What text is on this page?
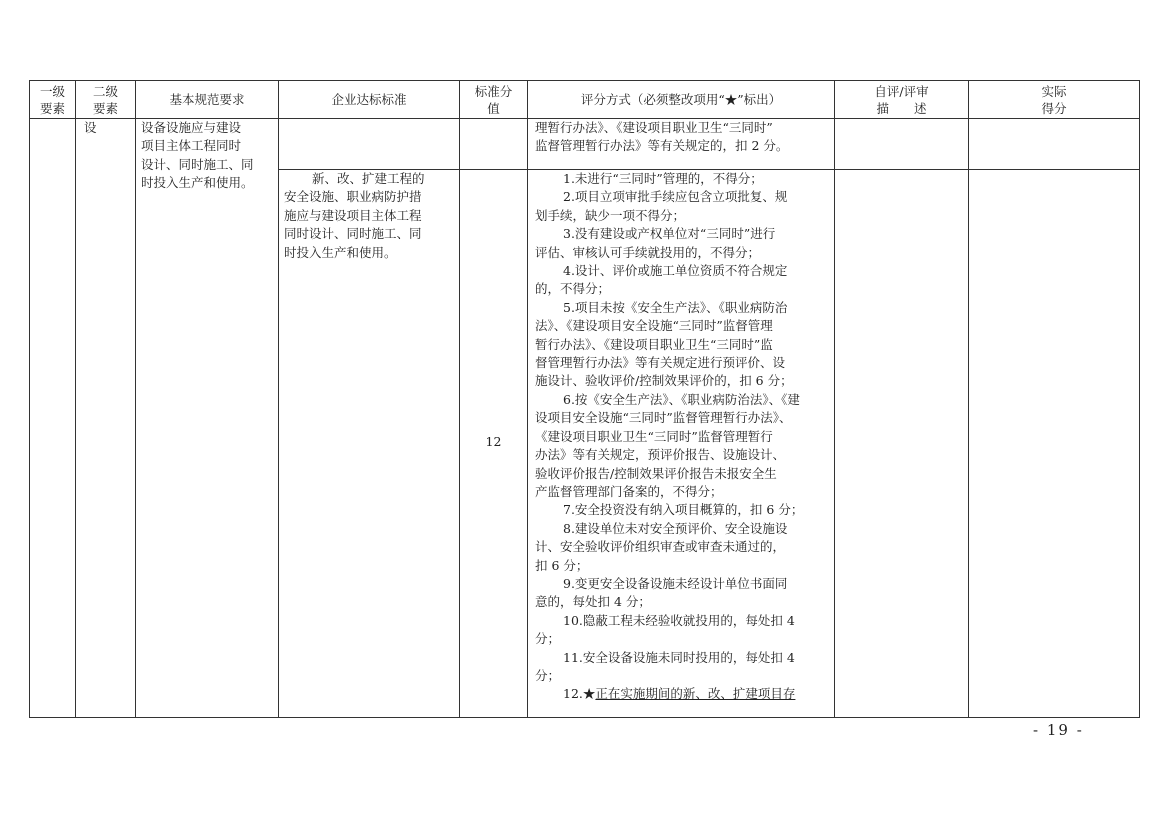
一级
要素
二级
要素
基本规范要求	企业达标标准
标准分
值
评分方式（必须整改项用“★”标出）
自评/评审
描　　述
实际
得分
设	设备设施应与建设
项目主体工程同时
设计、同时施工、同
时投入生产和使用。
理暂行办法》、《建设项目职业卫生“三同时”
监督管理暂行办法》等有关规定的，扣 2 分。
新、改、扩建工程的
安全设施、职业病防护措
施应与建设项目主体工程
同时设计、同时施工、同
时投入生产和使用。
12
1.未进行“三同时”管理的，不得分；
2.项目立项审批手续应包含立项批复、规
划手续，缺少一项不得分；
3.没有建设或产权单位对“三同时”进行
评估、审核认可手续就投用的，不得分；
4.设计、评价或施工单位资质不符合规定
的，不得分；
5.项目未按《安全生产法》、《职业病防治
法》、《建设项目安全设施“三同时”监督管理
暂行办法》、《建设项目职业卫生“三同时”监
督管理暂行办法》等有关规定进行预评价、设
施设计、验收评价/控制效果评价的，扣 6 分；
6.按《安全生产法》、《职业病防治法》、《建
设项目安全设施“三同时”监督管理暂行办法》、
《建设项目职业卫生“三同时”监督管理暂行
办法》等有关规定，预评价报告、设施设计、
验收评价报告/控制效果评价报告未报安全生
产监督管理部门备案的，不得分；
7.安全投资没有纳入项目概算的，扣 6 分；
8.建设单位未对安全预评价、安全设施设
计、安全验收评价组织审查或审查未通过的，
扣 6 分；
9.变更安全设备设施未经设计单位书面同
意的，每处扣 4 分；
10.隐蔽工程未经验收就投用的，每处扣 4
分；
11.安全设备设施未同时投用的，每处扣 4
分；
12.★正在实施期间的新、改、扩建项目存
- 19 -
